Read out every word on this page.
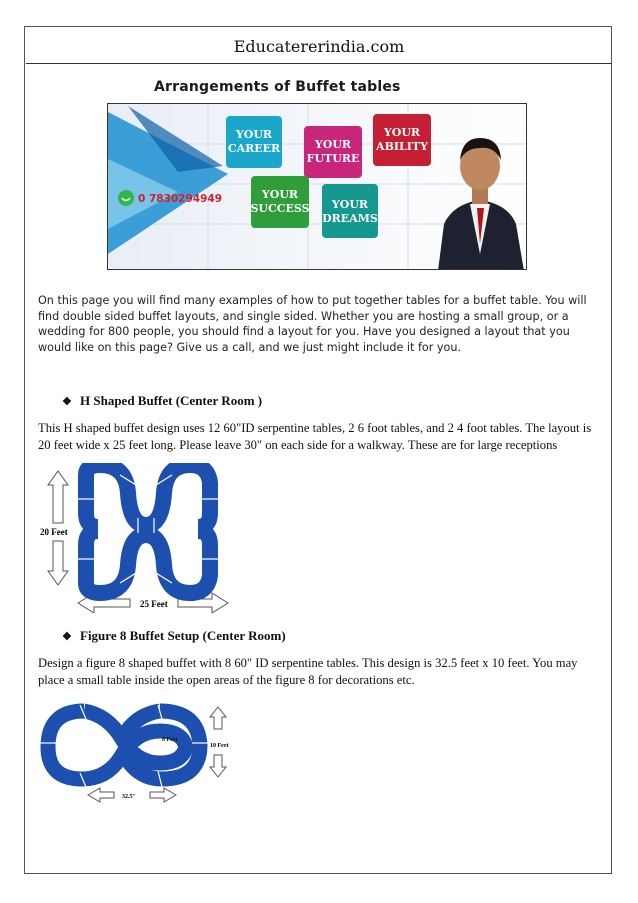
Educatererindia.com
Arrangements of Buffet tables
YOUR
CAREER	YOUR
FUTURE
YOUR
ABILITY
YOUR
SUCCESS YOUR
DREAMS
0 7830294949
On this page you will find many examples of how to put together tables for a buffet table. You will find double sided buffet layouts, and single sided. Whether you are hosting a small group, or a wedding for 800 people, you should find a layout for you. Have you designed a layout that you would like on this page? Give us a call, and we just might include it for you.
❖ H Shaped Buffet (Center Room )
This H shaped buffet design uses 12 60"ID serpentine tables, 2 6 foot tables, and 2 4 foot tables. The layout is 20 feet wide x 25 feet long. Please leave 30" on each side for a walkway. These are for large receptions
20 Feet
25 Feet
❖ Figure 8 Buffet Setup (Center Room)
Design a figure 8 shaped buffet with 8 60" ID serpentine tables. This design is 32.5 feet x 10 feet. You may place a small table inside the open areas of the figure 8 for decorations etc.
8 Feet
10 Feet
32.5"
